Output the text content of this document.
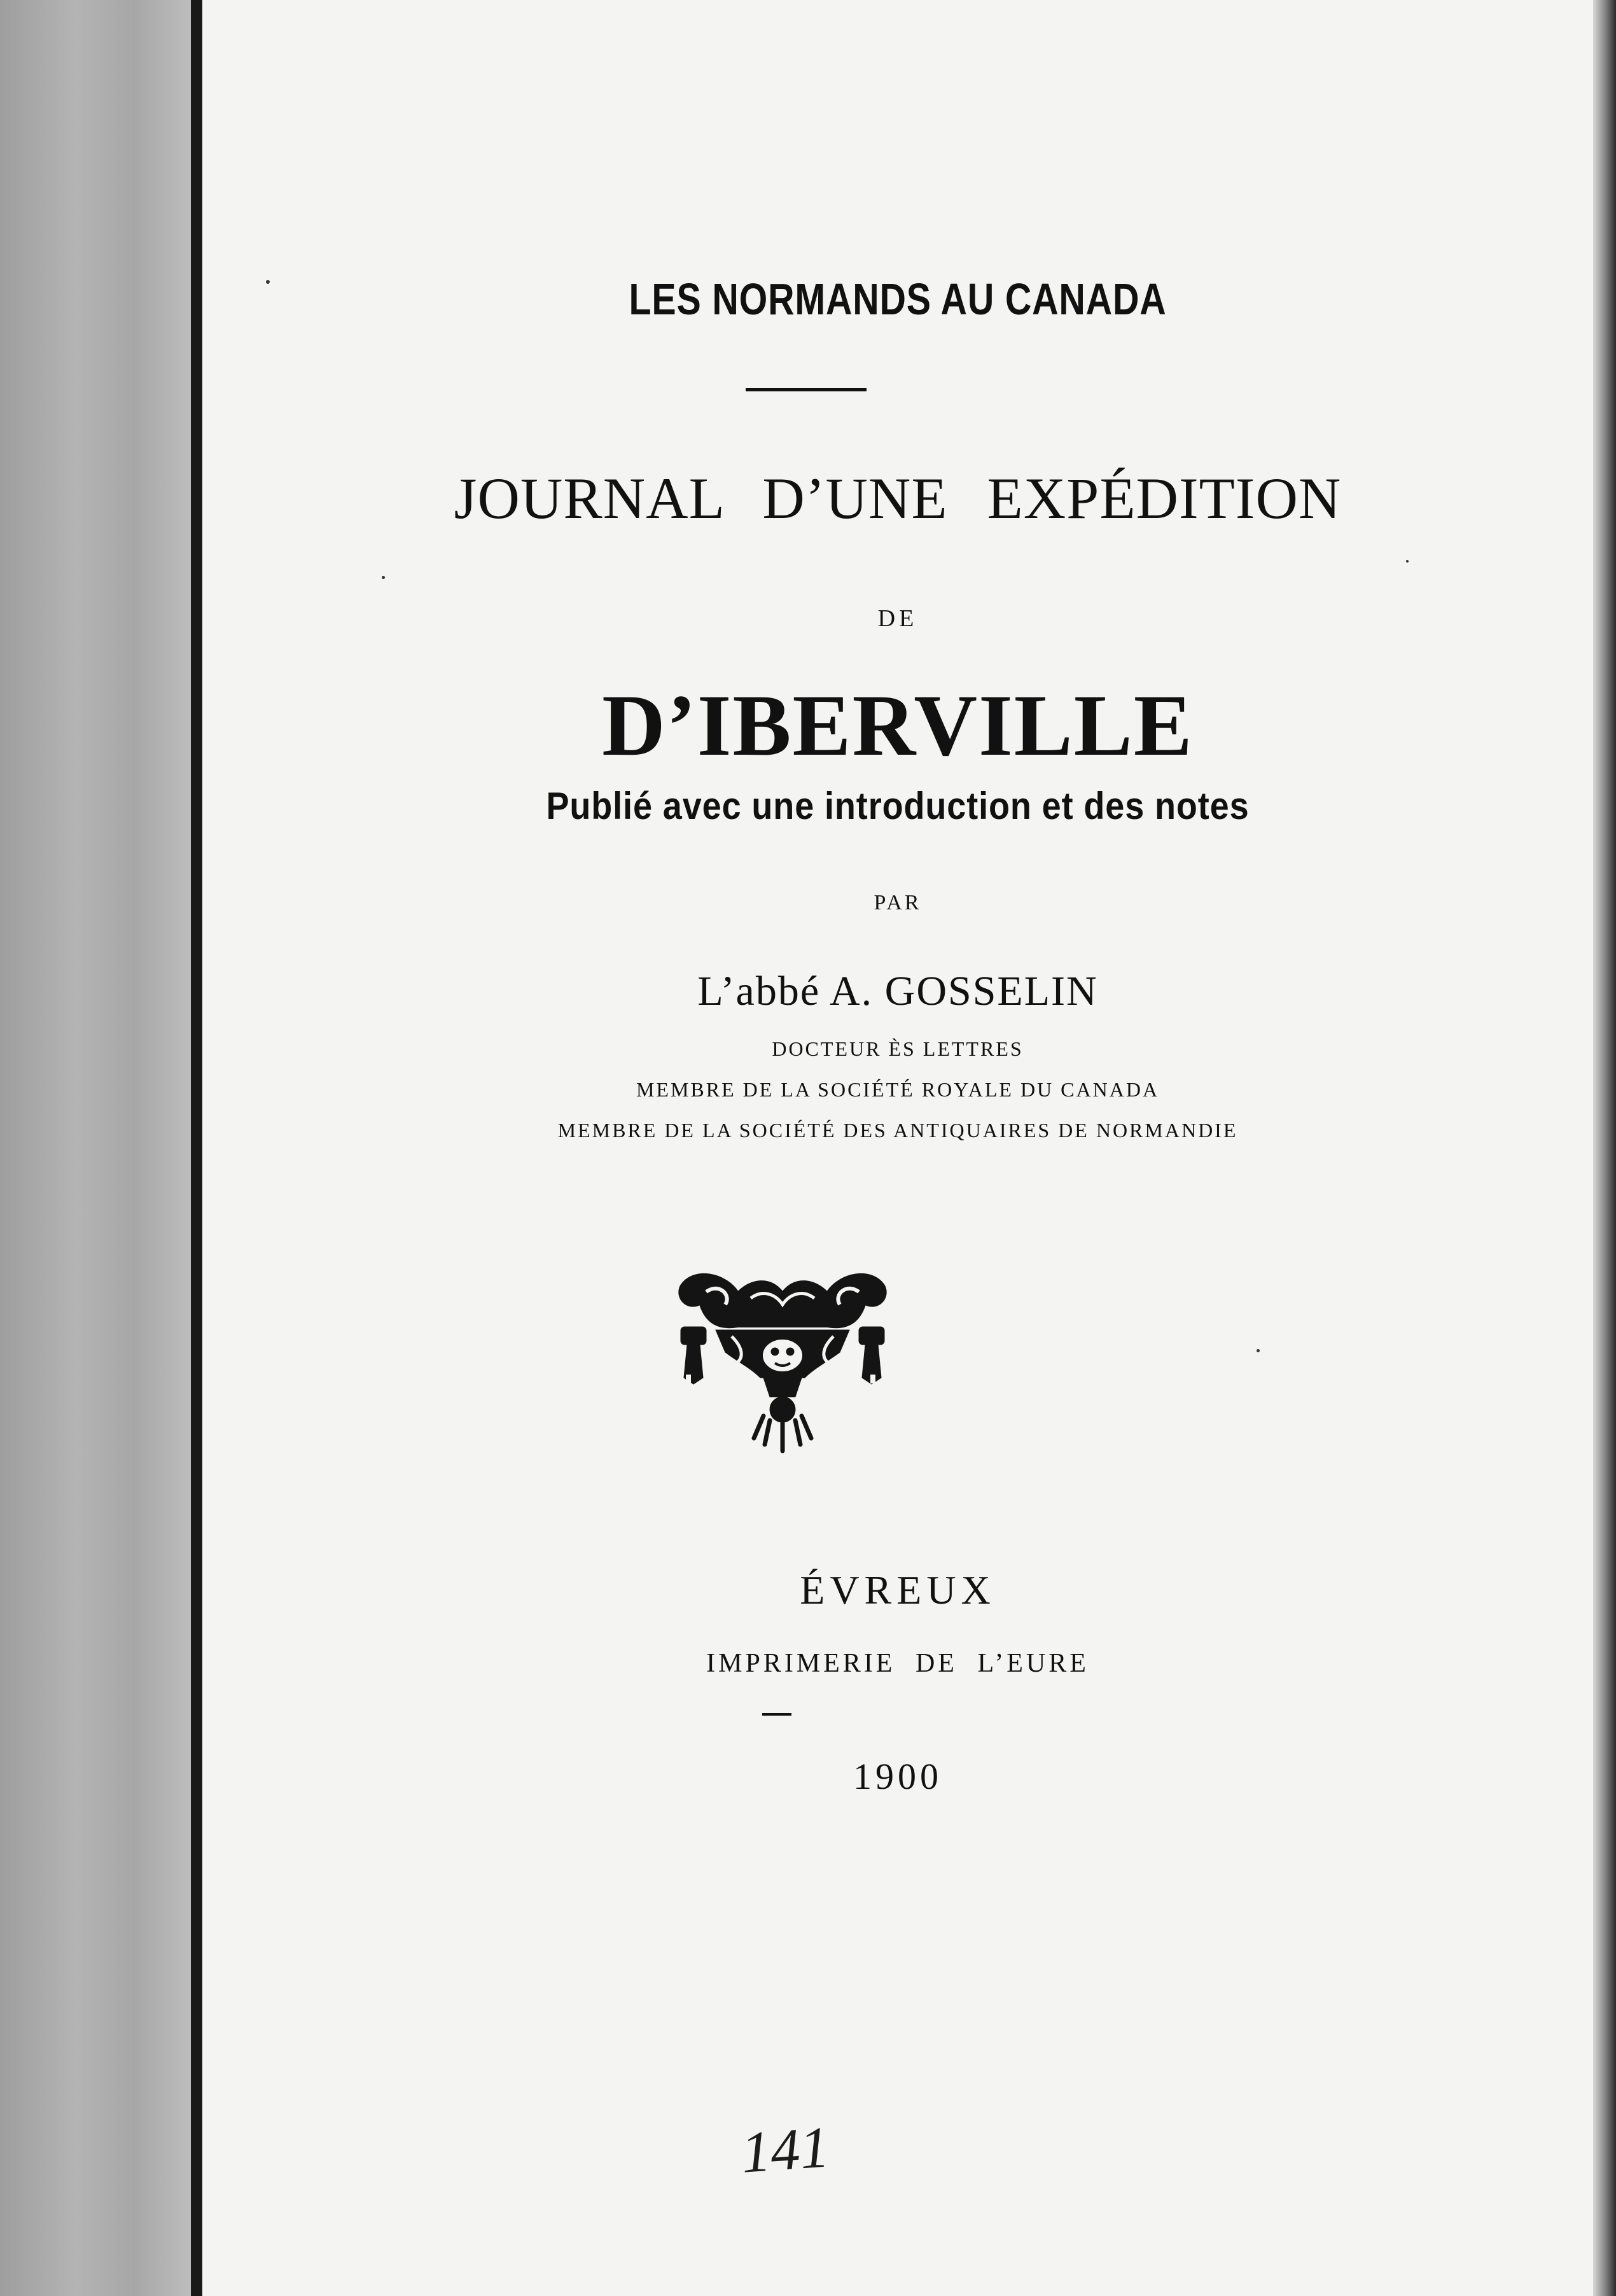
LES NORMANDS AU CANADA

JOURNAL D’UNE EXPÉDITION

DE

D’IBERVILLE

Publié avec une introduction et des notes

PAR

L’abbé A. GOSSELIN

DOCTEUR ÈS LETTRES

MEMBRE DE LA SOCIÉTÉ ROYALE DU CANADA

MEMBRE DE LA SOCIÉTÉ DES ANTIQUAIRES DE NORMANDIE

ÉVREUX

IMPRIMERIE DE L’EURE

1900

141
